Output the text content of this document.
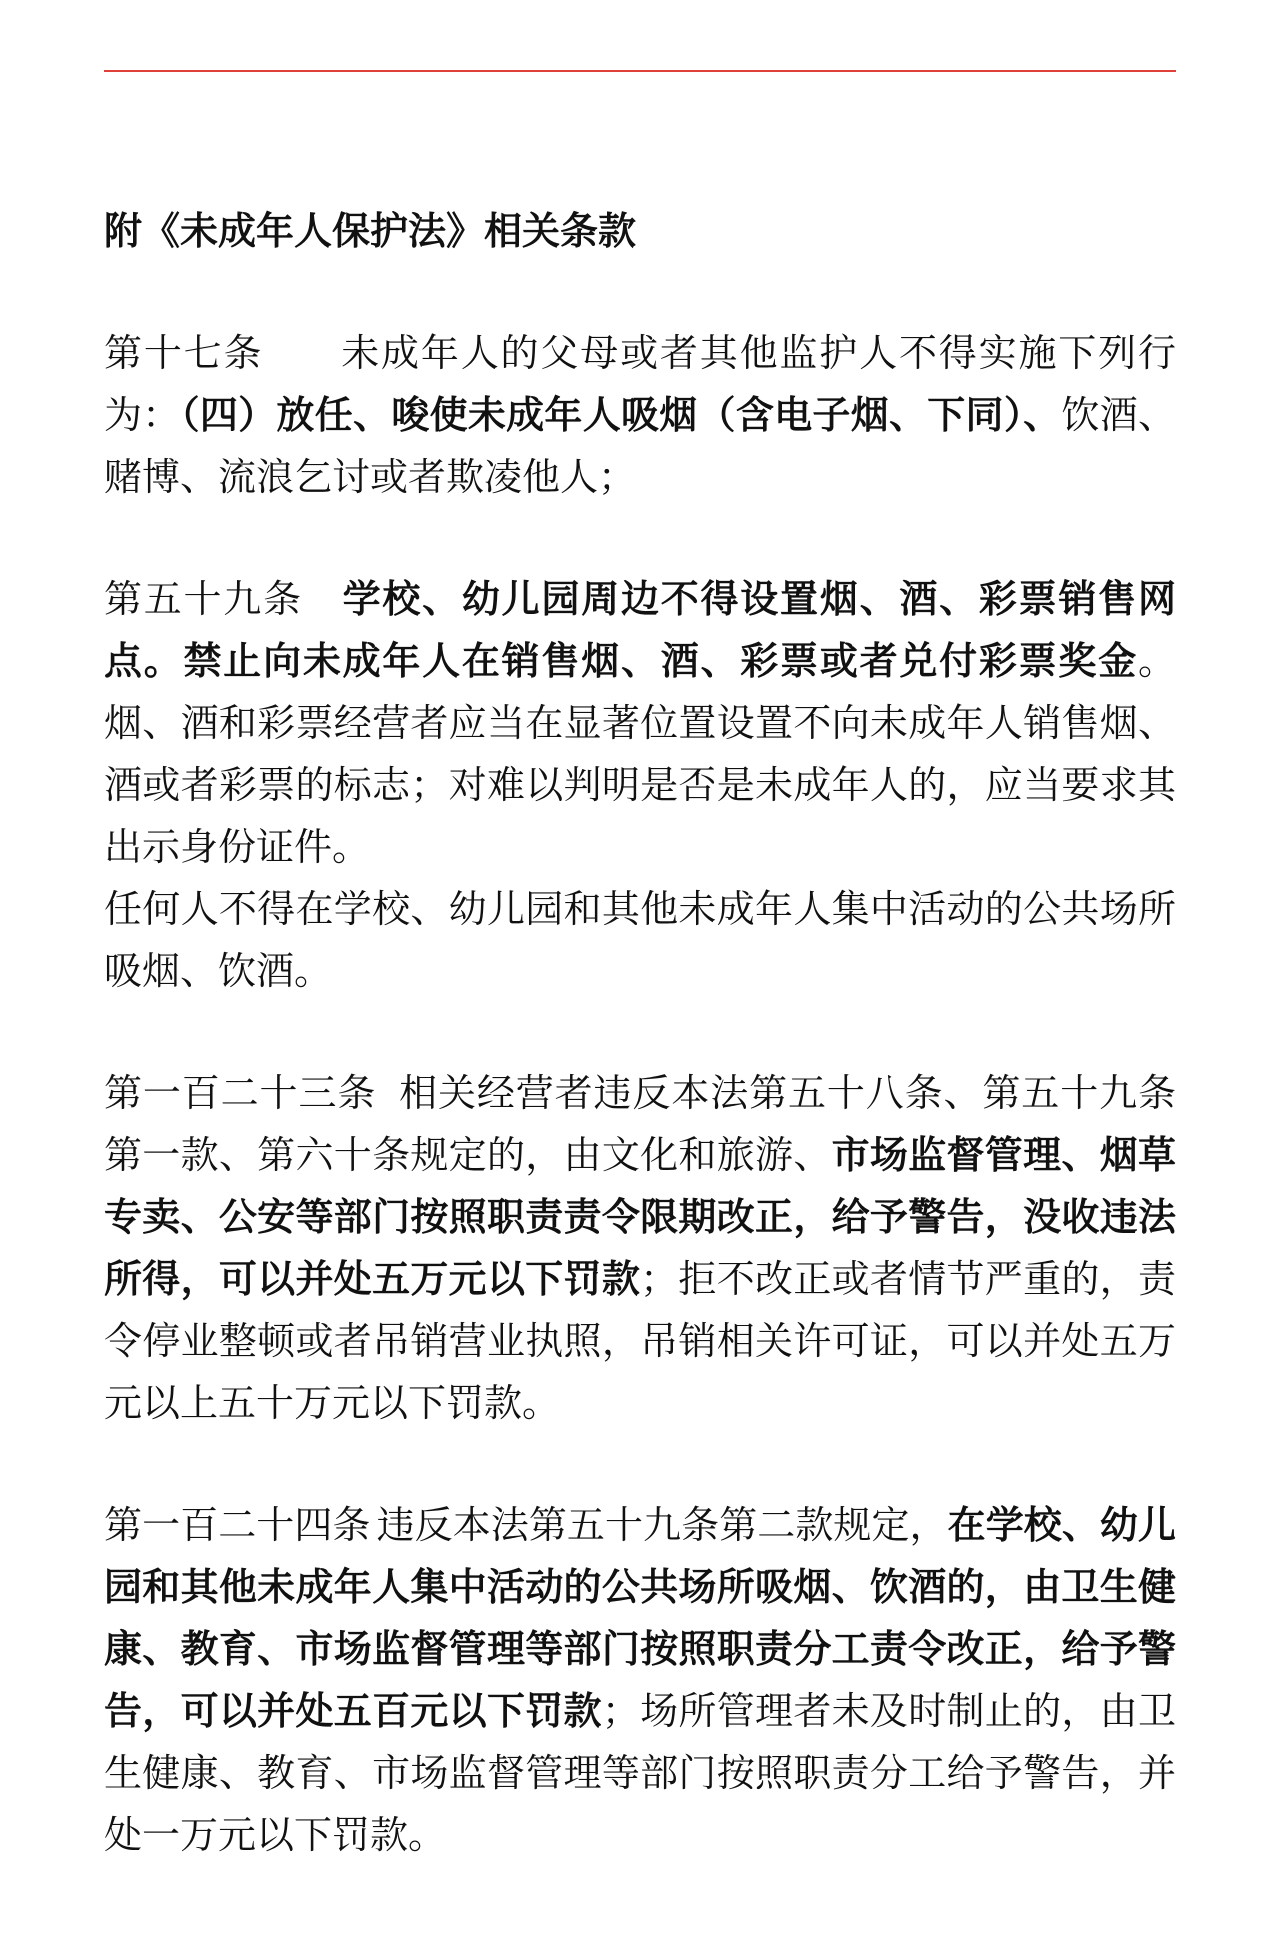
附《未成年人保护法》相关条款

第十七条 未成年人的父母或者其他监护人不得实施下列行为：（四）放任、唆使未成年人吸烟（含电子烟、下同）、饮酒、赌博、流浪乞讨或者欺凌他人；

第五十九条 学校、幼儿园周边不得设置烟、酒、彩票销售网点。禁止向未成年人在销售烟、酒、彩票或者兑付彩票奖金。烟、酒和彩票经营者应当在显著位置设置不向未成年人销售烟、酒或者彩票的标志；对难以判明是否是未成年人的，应当要求其出示身份证件。

任何人不得在学校、幼儿园和其他未成年人集中活动的公共场所吸烟、饮酒。

第一百二十三条 相关经营者违反本法第五十八条、第五十九条第一款、第六十条规定的，由文化和旅游、市场监督管理、烟草专卖、公安等部门按照职责责令限期改正，给予警告，没收违法所得，可以并处五万元以下罚款；拒不改正或者情节严重的，责令停业整顿或者吊销营业执照，吊销相关许可证，可以并处五万元以上五十万元以下罚款。

第一百二十四条 违反本法第五十九条第二款规定，在学校、幼儿园和其他未成年人集中活动的公共场所吸烟、饮酒的，由卫生健康、教育、市场监督管理等部门按照职责分工责令改正，给予警告，可以并处五百元以下罚款；场所管理者未及时制止的，由卫生健康、教育、市场监督管理等部门按照职责分工给予警告，并处一万元以下罚款。
